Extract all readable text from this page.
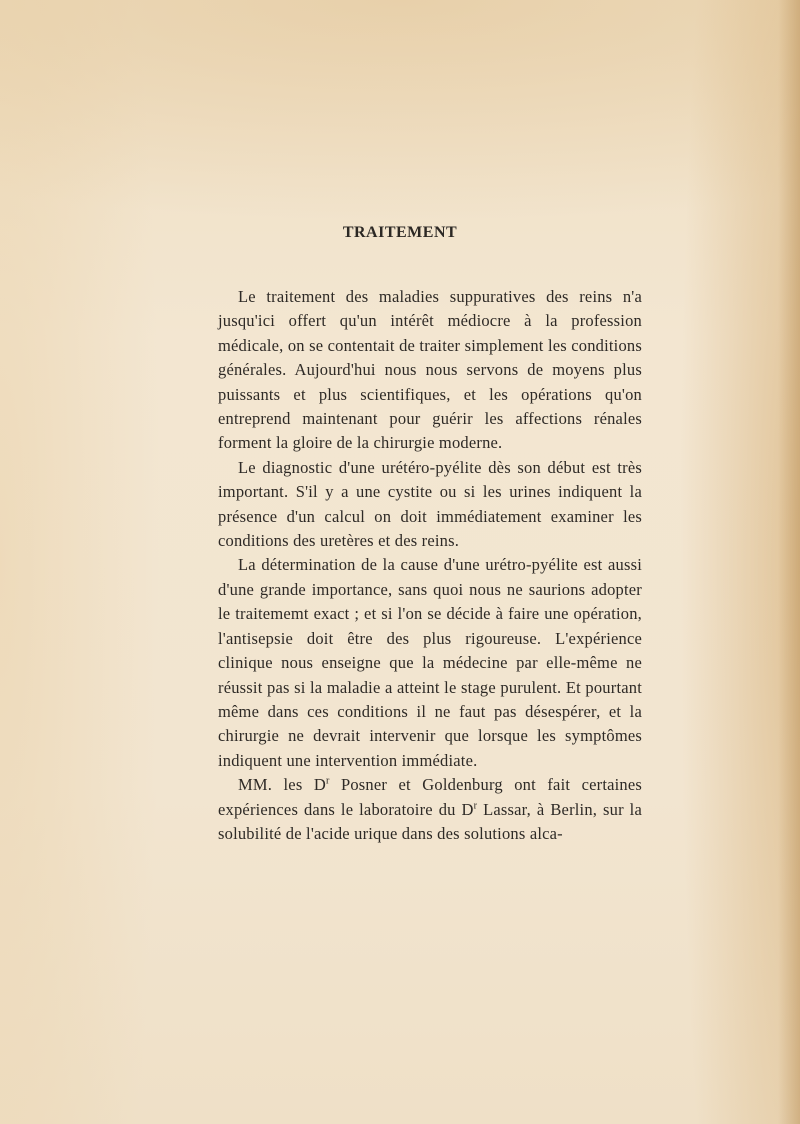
TRAITEMENT

Le traitement des maladies suppuratives des reins n'a jusqu'ici offert qu'un intérêt médiocre à la profession médicale, on se contentait de traiter simplement les conditions générales. Aujourd'hui nous nous servons de moyens plus puissants et plus scientifiques, et les opérations qu'on entreprend maintenant pour guérir les affections rénales forment la gloire de la chirurgie moderne.

Le diagnostic d'une urétéro-pyélite dès son début est très important. S'il y a une cystite ou si les urines indiquent la présence d'un calcul on doit immédiatement examiner les conditions des uretères et des reins.

La détermination de la cause d'une urétro-pyélite est aussi d'une grande importance, sans quoi nous ne saurions adopter le traitememt exact ; et si l'on se décide à faire une opération, l'antisepsie doit être des plus rigoureuse. L'expérience clinique nous enseigne que la médecine par elle-même ne réussit pas si la maladie a atteint le stage purulent. Et pourtant même dans ces conditions il ne faut pas désespérer, et la chirurgie ne devrait intervenir que lorsque les symptômes indiquent une intervention immédiate.

MM. les $D^r$ Posner et Goldenburg ont fait certaines expériences dans le laboratoire du $D^r$ Lassar, à Berlin, sur la solubilité de l'acide urique dans des solutions alca-
